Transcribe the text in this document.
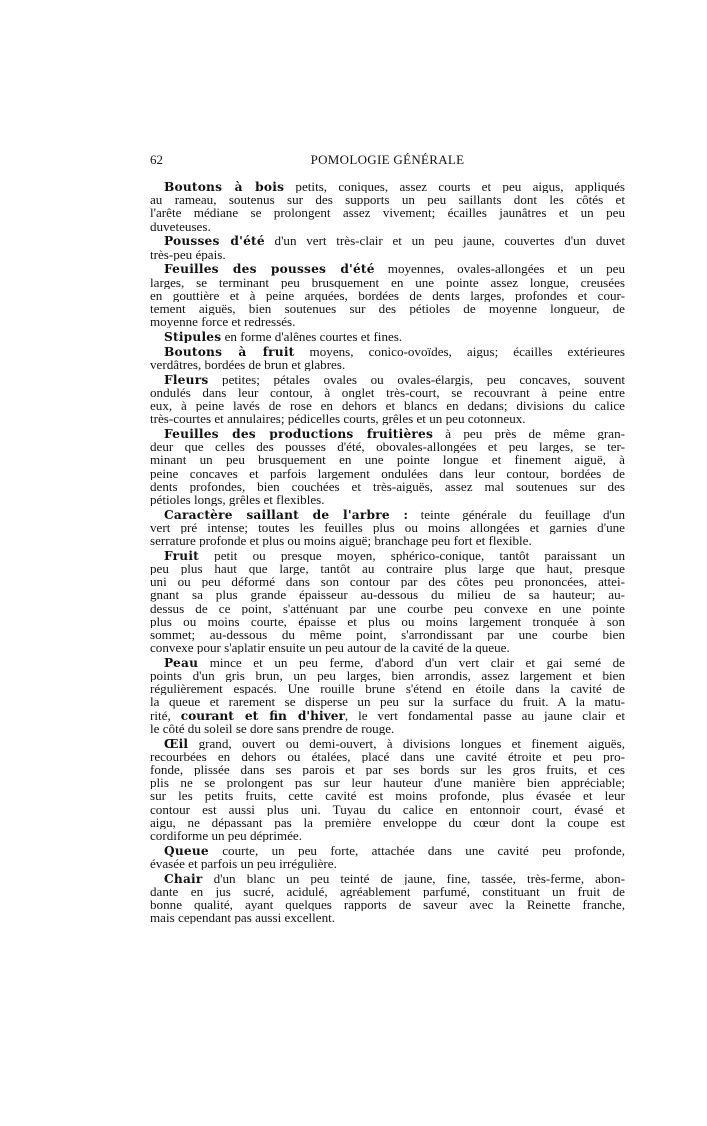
62	POMOLOGIE GÉNÉRALE
Boutons à bois petits, coniques, assez courts et peu aigus, appliqués
au rameau, soutenus sur des supports un peu saillants dont les côtés et
l'arête médiane se prolongent assez vivement; écailles jaunâtres et un peu
duveteuses.
Pousses d'été d'un vert très-clair et un peu jaune, couvertes d'un duvet
très-peu épais.
Feuilles des pousses d'été moyennes, ovales-allongées et un peu
larges, se terminant peu brusquement en une pointe assez longue, creusées
en gouttière et à peine arquées, bordées de dents larges, profondes et cour-
tement aiguës, bien soutenues sur des pétioles de moyenne longueur, de
moyenne force et redressés.
Stipules en forme d'alênes courtes et fines.
Boutons à fruit moyens, conico-ovoïdes, aigus; écailles extérieures
verdâtres, bordées de brun et glabres.
Fleurs petites; pétales ovales ou ovales-élargis, peu concaves, souvent
ondulés dans leur contour, à onglet très-court, se recouvrant à peine entre
eux, à peine lavés de rose en dehors et blancs en dedans; divisions du calice
très-courtes et annulaires; pédicelles courts, grêles et un peu cotonneux.
Feuilles des productions fruitières à peu près de même gran-
deur que celles des pousses d'été, obovales-allongées et peu larges, se ter-
minant un peu brusquement en une pointe longue et finement aiguë, à
peine concaves et parfois largement ondulées dans leur contour, bordées de
dents profondes, bien couchées et très-aiguës, assez mal soutenues sur des
pétioles longs, grêles et flexibles.
Caractère saillant de l'arbre : teinte générale du feuillage d'un
vert pré intense; toutes les feuilles plus ou moins allongées et garnies d'une
serrature profonde et plus ou moins aiguë; branchage peu fort et flexible.
Fruit petit ou presque moyen, sphérico-conique, tantôt paraissant un
peu plus haut que large, tantôt au contraire plus large que haut, presque
uni ou peu déformé dans son contour par des côtes peu prononcées, attei-
gnant sa plus grande épaisseur au-dessous du milieu de sa hauteur; au-
dessus de ce point, s'atténuant par une courbe peu convexe en une pointe
plus ou moins courte, épaisse et plus ou moins largement tronquée à son
sommet; au-dessous du même point, s'arrondissant par une courbe bien
convexe pour s'aplatir ensuite un peu autour de la cavité de la queue.
Peau mince et un peu ferme, d'abord d'un vert clair et gai semé de
points d'un gris brun, un peu larges, bien arrondis, assez largement et bien
régulièrement espacés. Une rouille brune s'étend en étoile dans la cavité de
la queue et rarement se disperse un peu sur la surface du fruit. A la matu-
rité, courant et fin d'hiver, le vert fondamental passe au jaune clair et
le côté du soleil se dore sans prendre de rouge.
Œil grand, ouvert ou demi-ouvert, à divisions longues et finement aiguës,
recourbées en dehors ou étalées, placé dans une cavité étroite et peu pro-
fonde, plissée dans ses parois et par ses bords sur les gros fruits, et ces
plis ne se prolongent pas sur leur hauteur d'une manière bien appréciable;
sur les petits fruits, cette cavité est moins profonde, plus évasée et leur
contour est aussi plus uni. Tuyau du calice en entonnoir court, évasé et
aigu, ne dépassant pas la première enveloppe du cœur dont la coupe est
cordiforme un peu déprimée.
Queue courte, un peu forte, attachée dans une cavité peu profonde,
évasée et parfois un peu irrégulière.
Chair d'un blanc un peu teinté de jaune, fine, tassée, très-ferme, abon-
dante en jus sucré, acidulé, agréablement parfumé, constituant un fruit de
bonne qualité, ayant quelques rapports de saveur avec la Reinette franche,
mais cependant pas aussi excellent.
